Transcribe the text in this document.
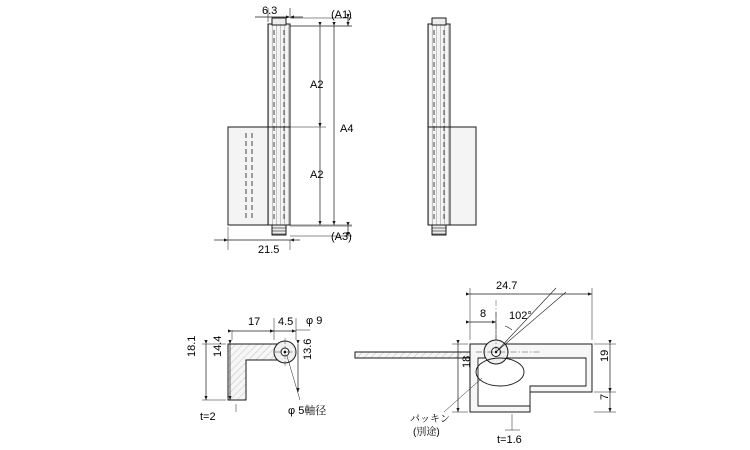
6.3	(A1)
A2
A4
A2
(A3)
21.5
17 4.5 φ 9
18.1 14.4	13.6
t=2	φ 5軸径
24.7
8 102°
19
18
7
t=1.6
パッキン
(別途)
